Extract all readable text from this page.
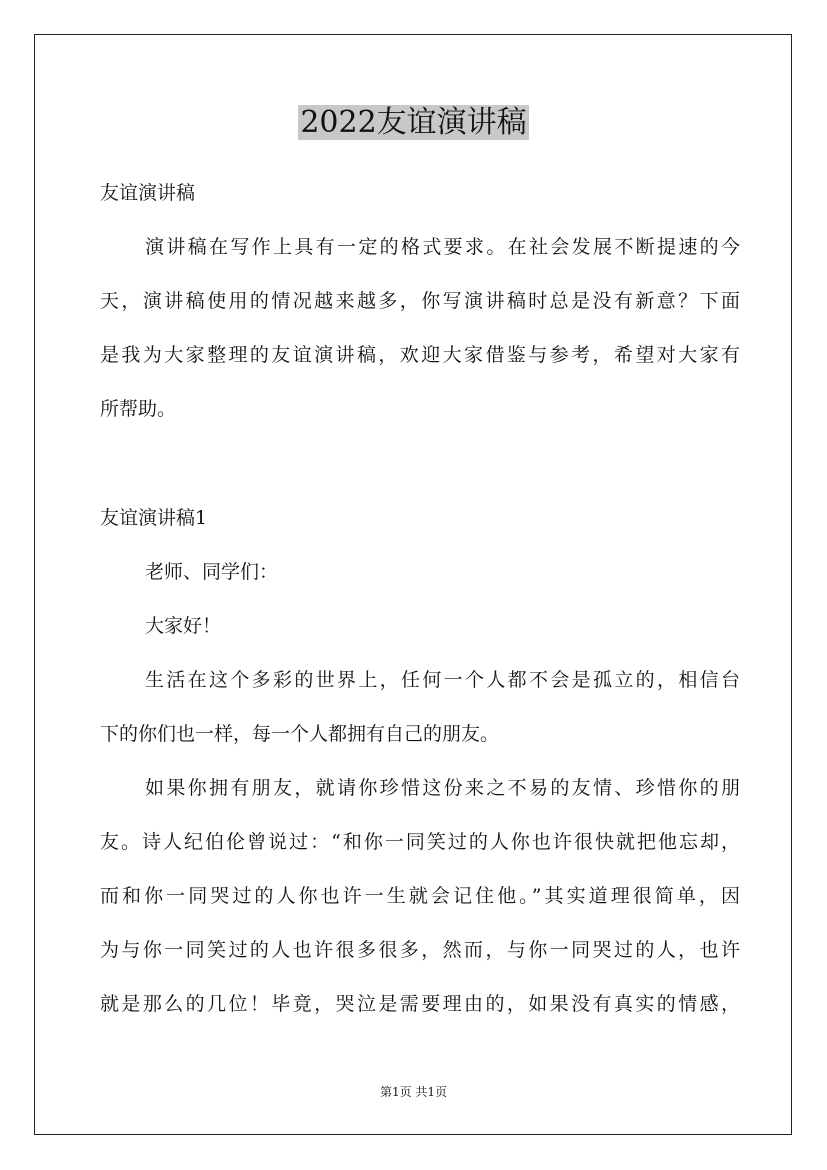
2022友谊演讲稿

友谊演讲稿

演讲稿在写作上具有一定的格式要求。在社会发展不断提速的今

天，演讲稿使用的情况越来越多，你写演讲稿时总是没有新意？下面

是我为大家整理的友谊演讲稿，欢迎大家借鉴与参考，希望对大家有

所帮助。

友谊演讲稿1

老师、同学们：

大家好！

生活在这个多彩的世界上，任何一个人都不会是孤立的，相信台

下的你们也一样，每一个人都拥有自己的朋友。

如果你拥有朋友，就请你珍惜这份来之不易的友情、珍惜你的朋

友。诗人纪伯伦曾说过：“和你一同笑过的人你也许很快就把他忘却，

而和你一同哭过的人你也许一生就会记住他。”其实道理很简单，因

为与你一同笑过的人也许很多很多，然而，与你一同哭过的人，也许

就是那么的几位！毕竟，哭泣是需要理由的，如果没有真实的情感，

第1页 共1页
